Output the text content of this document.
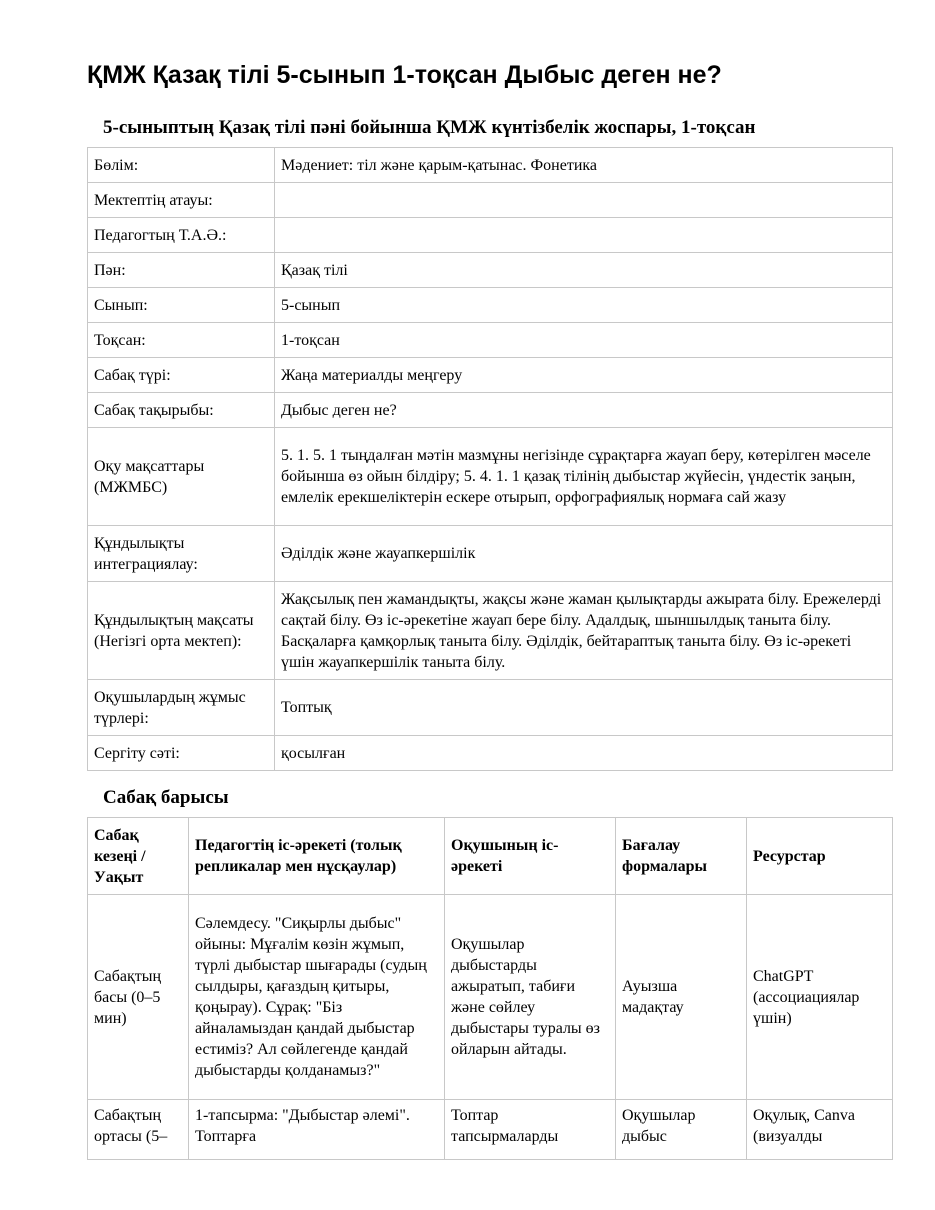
ҚМЖ Қазақ тілі 5-сынып 1-тоқсан Дыбыс деген не?
5-сыныптың Қазақ тілі пәні бойынша ҚМЖ күнтізбелік жоспары, 1-тоқсан
Бөлім:	Мәдениет: тіл және қарым-қатынас. Фонетика
Мектептің атауы:	
Педагогтың Т.А.Ә.:	
Пән:	Қазақ тілі
Сынып:	5-сынып
Тоқсан:	1-тоқсан
Сабақ түрі:	Жаңа материалды меңгеру
Сабақ тақырыбы:	Дыбыс деген не?
Оқу мақсаттары (МЖМБС)	5. 1. 5. 1 тыңдалған мәтін мазмұны негізінде сұрақтарға жауап беру, көтерілген мәселе бойынша өз ойын білдіру; 5. 4. 1. 1 қазақ тілінің дыбыстар жүйесін, үндестік заңын, емлелік ерекшеліктерін ескере отырып, орфографиялық нормаға сай жазу
Құндылықты интеграциялау:	Әділдік және жауапкершілік
Құндылықтың мақсаты (Негізгі орта мектеп):	Жақсылық пен жамандықты, жақсы және жаман қылықтарды ажырата білу. Ережелерді сақтай білу. Өз іс-әрекетіне жауап бере білу. Адалдық, шыншылдық таныта білу. Басқаларға қамқорлық таныта білу. Әділдік, бейтараптық таныта білу. Өз іс-әрекеті үшін жауапкершілік таныта білу.
Оқушылардың жұмыс түрлері:	Топтық
Сергіту сәті:	қосылған
Сабақ барысы
Сабақ кезеңі / Уақыт	Педагогтің іс-әрекеті (толық репликалар мен нұсқаулар)	Оқушының іс-әрекеті	Бағалау формалары	Ресурстар
Сабақтың басы (0–5 мин)	Сәлемдесу. "Сиқырлы дыбыс" ойыны: Мұғалім көзін жұмып, түрлі дыбыстар шығарады (судың сылдыры, қағаздың қитыры, қоңырау). Сұрақ: "Біз айналамыздан қандай дыбыстар естиміз? Ал сөйлегенде қандай дыбыстарды қолданамыз?"	Оқушылар дыбыстарды ажыратып, табиғи және сөйлеу дыбыстары туралы өз ойларын айтады.	Ауызша мадақтау	ChatGPT (ассоциациялар үшін)

Сабақтың ортасы (5–	1-тапсырма: "Дыбыстар әлемі". Топтарға	Топтар тапсырмаларды	Оқушылар дыбыс	Оқулық, Canva (визуалды
